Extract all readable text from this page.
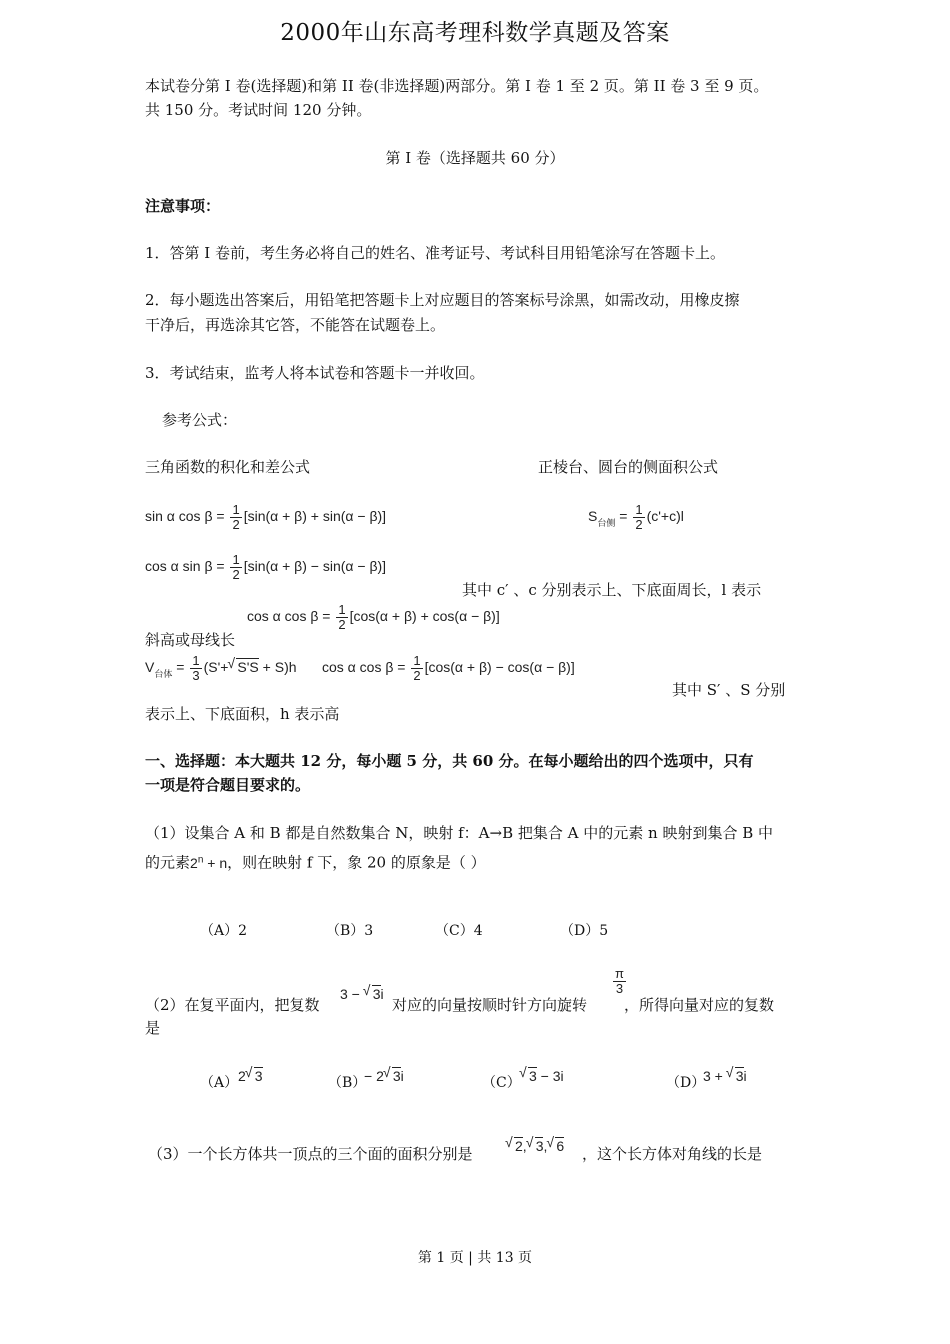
2000年山东高考理科数学真题及答案
本试卷分第 I 卷(选择题)和第 II 卷(非选择题)两部分。第 I 卷 1 至 2 页。第 II 卷 3 至 9 页。
共 150 分。考试时间 120 分钟。
第 I 卷（选择题共 60 分）
注意事项：
1．答第 I 卷前，考生务必将自己的姓名、准考证号、考试科目用铅笔涂写在答题卡上。
2．每小题选出答案后，用铅笔把答题卡上对应题目的答案标号涂黑，如需改动，用橡皮擦
干净后，再选涂其它答，不能答在试题卷上。
3．考试结束，监考人将本试卷和答题卡一并收回。
参考公式：
三角函数的积化和差公式	正棱台、圆台的侧面积公式
sin α $\cos \beta = \frac{1}{2} [\sin(\alpha + \beta) + \sin(\alpha - \beta)]$	$S_{台侧} = \frac{1}{2} (c'+c)l$
cos α $\sin \beta = \frac{1}{2} [\sin(\alpha + \beta) - \sin(\alpha - \beta)]$
其中 c′ 、c 分别表示上、下底面周长，l 表示
cos α $\cos \beta = \frac{1}{2} [\cos(\alpha + \beta) + \cos(\alpha - \beta)]$
斜高或母线长
$V_{台体} = \frac{1}{3} (S'+√$ S'S + S)h cos α $\cos \beta = \frac{1}{2} [\cos(\alpha + \beta) - \cos(\alpha - \beta)]$
其中 S′ 、S 分别
表示上、下底面积，h 表示高
一、选择题：本大题共 12 分，每小题 5 分，共 60 分。在每小题给出的四个选项中，只有
一项是符合题目要求的。
（1）设集合 A 和 B 都是自然数集合 N，映射 f：A→B 把集合 A 中的元素 n 映射到集合 B 中
的元素$2^n + n$，则在映射 f 下，象 20 的原象是（ ）
（A）2	（B）3	（C）4	（D）5
（2）在复平面内，把复数
3 − √ 3i
对应的向量按顺时针方向旋转
$\frac{\pi}{3}$
，所得向量对应的复数
是
（A） 2√ 3	（B）
− 2√ 3i	（C）
√ 3 − 3i	（D）
3 + √ 3i
（3）一个长方体共一顶点的三个面的面积分别是
√	2,√ 3,√ 6 ，这个长方体对角线的长是
第 1 页 | 共 13 页
